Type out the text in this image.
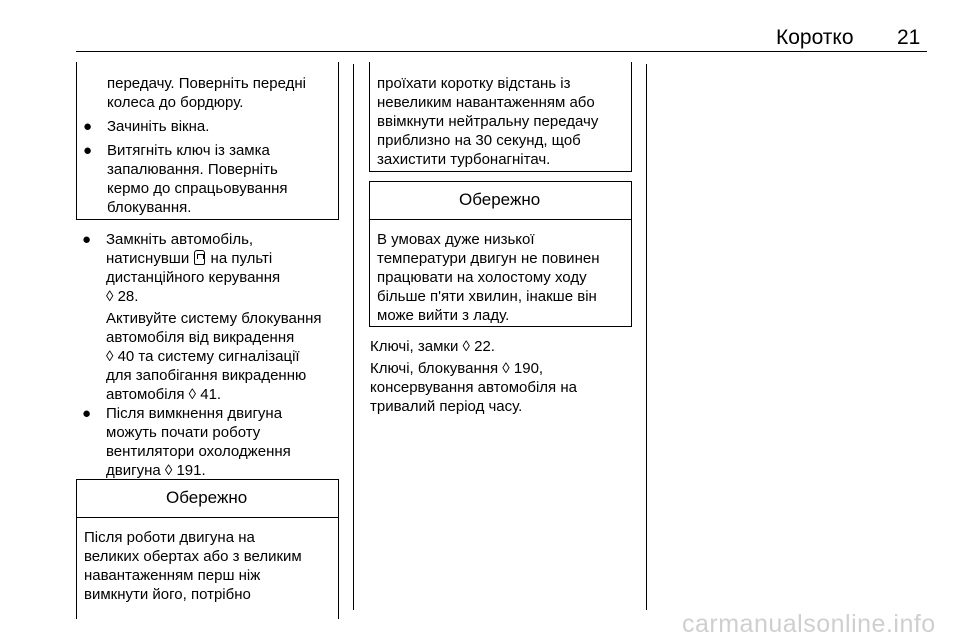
Коротко 21
передачу. Поверніть передні
колеса до бордюру.
● Зачиніть вікна.
● Витягніть ключ із замка
запалювання. Поверніть
кермо до спрацьовування
блокування.
● Замкніть автомобіль,
натиснувши  на пульті
дистанційного керування
◊ 28.
Активуйте систему блокування
автомобіля від викрадення
◊ 40 та систему сигналізації
для запобігання викраденню
автомобіля ◊ 41.
● Після вимкнення двигуна
можуть почати роботу
вентилятори охолодження
двигуна ◊ 191.
Обережно
Після роботи двигуна на
великих обертах або з великим
навантаженням перш ніж
вимкнути його, потрібно
проїхати коротку відстань із
невеликим навантаженням або
ввімкнути нейтральну передачу
приблизно на 30 секунд, щоб
захистити турбонагнітач.
Обережно
В умовах дуже низької
температури двигун не повинен
працювати на холостому ходу
більше п'яти хвилин, інакше він
може вийти з ладу.
Ключі, замки ◊ 22.
Ключі, блокування ◊ 190,
консервування автомобіля на
тривалий період часу.
carmanualsonline.info
